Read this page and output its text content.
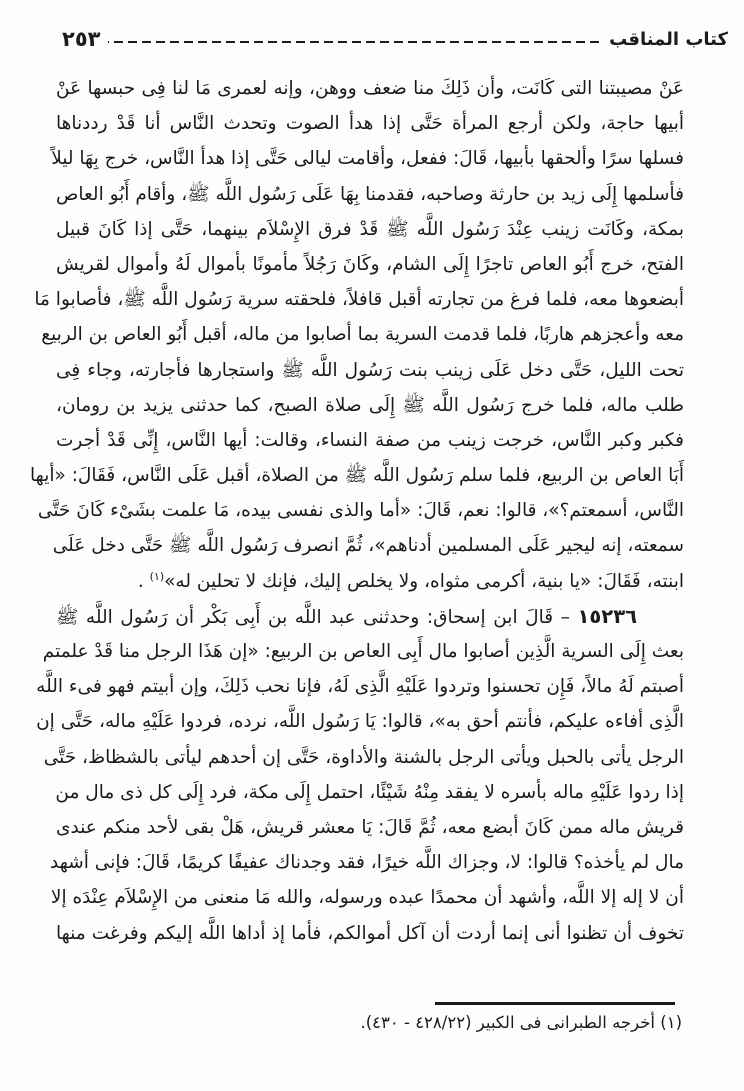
كتاب المناقب
٢٥٣
عَنْ مصيبتنا التى كَانَت، وأن ذَلِكَ منا ضعف ووهن، وإنه لعمرى مَا لنا فِى حبسها عَنْ
أبيها حاجة، ولكن أرجع المرأة حَتَّى إذا هدأ الصوت وتحدث النَّاس أنا قَدْ رددناها
فسلها سرًا وألحقها بأبيها، قَالَ: ففعل، وأقامت ليالى حَتَّى إذا هدأ النَّاس، خرج بِهَا ليلاً
فأسلمها إِلَى زيد بن حارثة وصاحبه، فقدمنا بِهَا عَلَى رَسُول اللَّه ﷺ، وأقام أَبُو العاص
بمكة، وكَانَت زينب عِنْدَ رَسُول اللَّه ﷺ قَدْ فرق الإِسْلاَم بينهما، حَتَّى إذا كَانَ قبيل
الفتح، خرج أَبُو العاص تاجرًا إِلَى الشام، وكَانَ رَجُلاً مأمونًا بأموال لَهُ وأموال لقريش
أبضعوها معه، فلما فرغ من تجارته أقبل قافلاً، فلحقته سرية رَسُول اللَّه ﷺ، فأصابوا مَا
معه وأعجزهم هاربًا، فلما قدمت السرية بما أصابوا من ماله، أقبل أَبُو العاص بن الربيع
تحت الليل، حَتَّى دخل عَلَى زينب بنت رَسُول اللَّه ﷺ واستجارها فأجارته، وجاء فِى
طلب ماله، فلما خرج رَسُول اللَّه ﷺ إِلَى صلاة الصبح، كما حدثنى يزيد بن رومان،
فكبر وكبر النَّاس، خرجت زينب من صفة النساء، وقالت: أيها النَّاس، إِنِّى قَدْ أجرت
أَبَا العاص بن الربيع، فلما سلم رَسُول اللَّه ﷺ من الصلاة، أقبل عَلَى النَّاس، فَقَالَ: «أيها
النَّاس، أسمعتم؟»، قالوا: نعم، قَالَ: «أما والذى نفسى بيده، مَا علمت بشَىْء كَانَ حَتَّى
سمعته، إنه ليجير عَلَى المسلمين أدناهم»، ثُمَّ انصرف رَسُول اللَّه ﷺ حَتَّى دخل عَلَى
ابنته، فَقَالَ: «يا بنية، أكرمى مثواه، ولا يخلص إليك، فإنك لا تحلين له»$^{(١)}$ .
١٥٢٣٦ – قَالَ ابن إسحاق: وحدثنى عبد اللَّه بن أَبِى بَكْر أن رَسُول اللَّه ﷺ
بعث إِلَى السرية الَّذِين أصابوا مال أَبِى العاص بن الربيع: «إن هَذَا الرجل منا قَدْ علمتم
أصبتم لَهُ مالاً، فَإِن تحسنوا وتردوا عَلَيْهِ الَّذِى لَهُ، فإنا نحب ذَلِكَ، وإن أبيتم فهو فىء اللَّه
الَّذِى أفاءه عليكم، فأنتم أحق به»، قالوا: يَا رَسُول اللَّه، نرده، فردوا عَلَيْهِ ماله، حَتَّى إن
الرجل يأتى بالحبل ويأتى الرجل بالشنة والأداوة، حَتَّى إن أحدهم ليأتى بالشظاظ، حَتَّى
إذا ردوا عَلَيْهِ ماله بأسره لا يفقد مِنْهُ شَيْئًا، احتمل إِلَى مكة، فرد إِلَى كل ذى مال من
قريش ماله ممن كَانَ أبضع معه، ثُمَّ قَالَ: يَا معشر قريش، هَلْ بقى لأحد منكم عندى
مال لم يأخذه؟ قالوا: لا، وجزاك اللَّه خيرًا، فقد وجدناك عفيفًا كريمًا، قَالَ: فإنى أشهد
أن لا إله إلا اللَّه، وأشهد أن محمدًا عبده ورسوله، والله مَا منعنى من الإِسْلاَم عِنْدَه إلا
تخوف أن تظنوا أنى إنما أردت أن آكل أموالكم، فأما إذ أداها اللَّه إليكم وفرغت منها
(١) أخرجه الطبرانى فى الكبير (٤٢٨/٢٢ - ٤٣٠).
